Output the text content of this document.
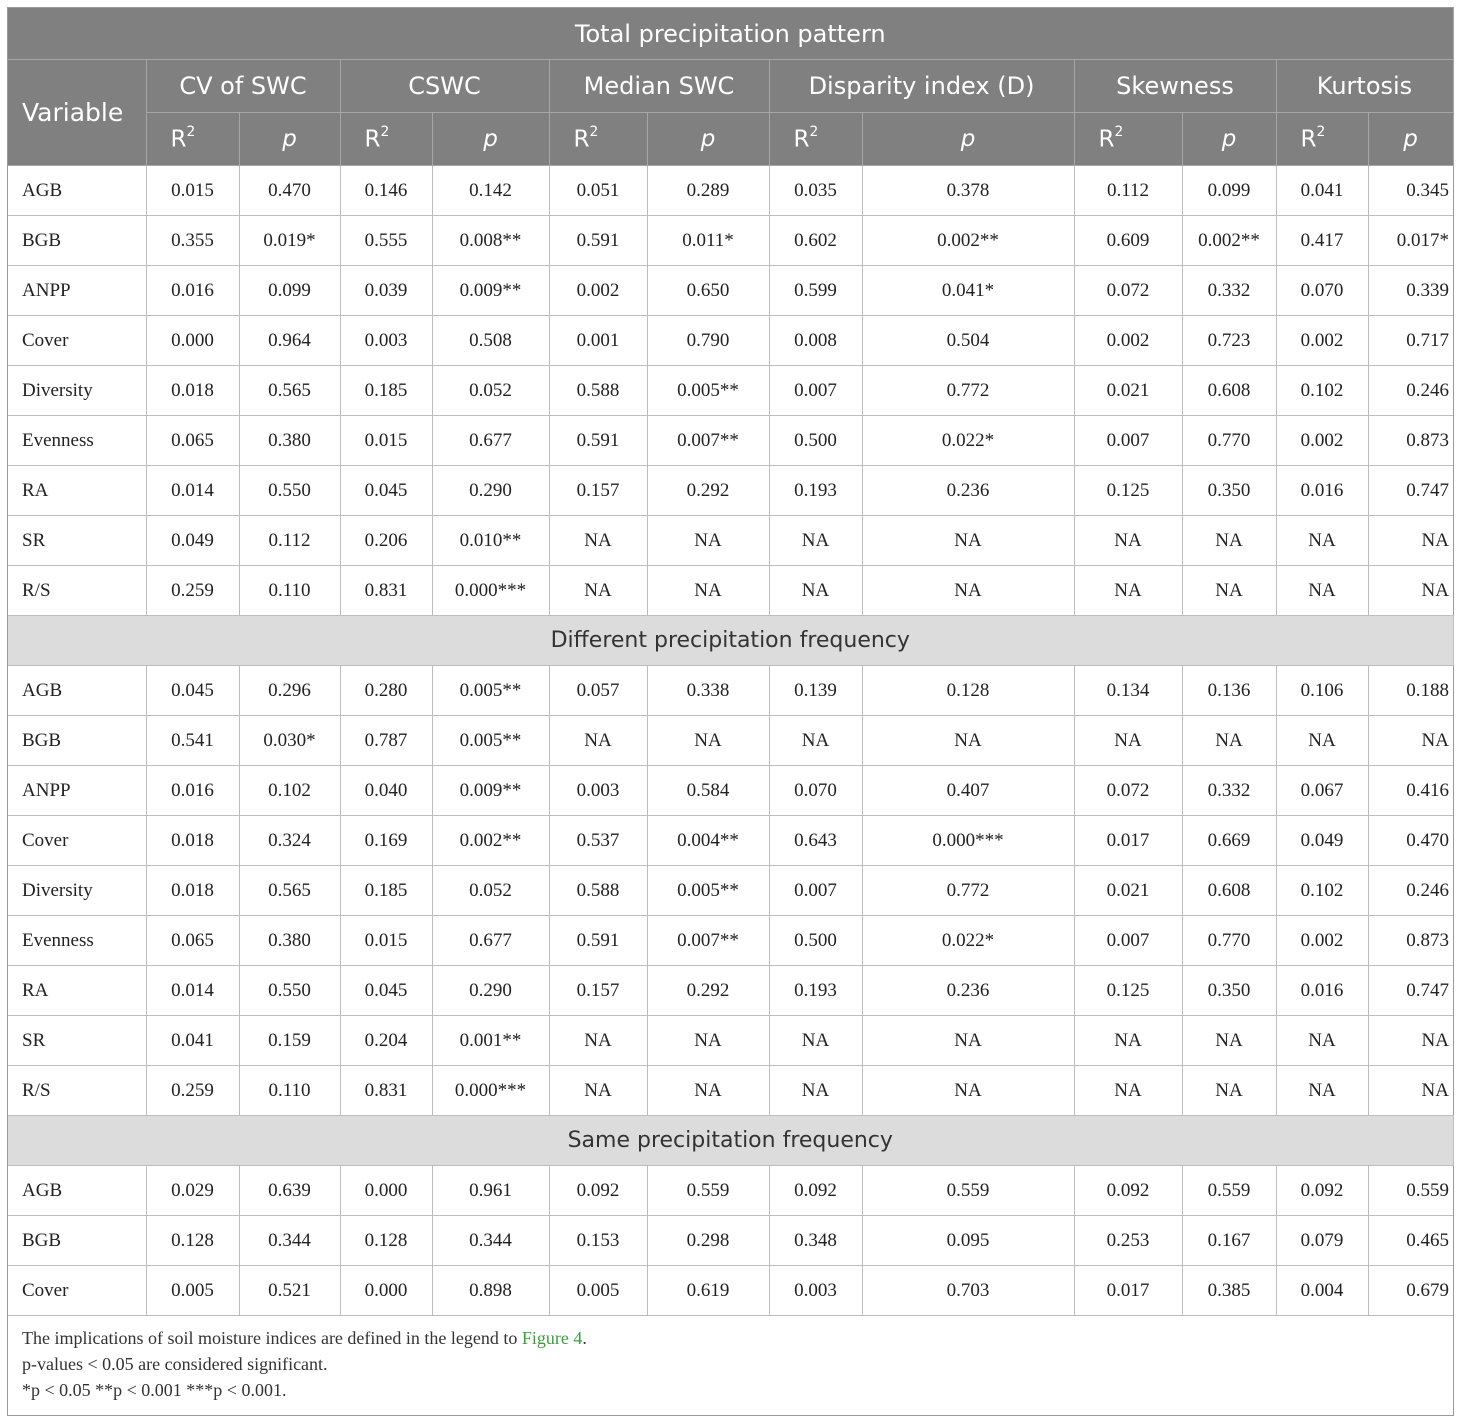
Total precipitation pattern												
Variable	CV of SWC		CSWC		Median SWC		Disparity index (D)		Skewness		Kurtosis	
	$R^2$	p	$R^2$	p	$R^2$	p	$R^2$	p	$R^2$	p	$R^2$	p
AGB	0.015	0.470	0.146	0.142	0.051	0.289	0.035	0.378	0.112	0.099	0.041	0.345
BGB	0.355	0.019*	0.555	0.008**	0.591	0.011*	0.602	0.002**	0.609	0.002**	0.417	0.017*
ANPP	0.016	0.099	0.039	0.009**	0.002	0.650	0.599	0.041*	0.072	0.332	0.070	0.339
Cover	0.000	0.964	0.003	0.508	0.001	0.790	0.008	0.504	0.002	0.723	0.002	0.717
Diversity	0.018	0.565	0.185	0.052	0.588	0.005**	0.007	0.772	0.021	0.608	0.102	0.246
Evenness	0.065	0.380	0.015	0.677	0.591	0.007**	0.500	0.022*	0.007	0.770	0.002	0.873
RA	0.014	0.550	0.045	0.290	0.157	0.292	0.193	0.236	0.125	0.350	0.016	0.747
SR	0.049	0.112	0.206	0.010**	NA	NA	NA	NA	NA	NA	NA	NA
R/S	0.259	0.110	0.831	0.000***	NA	NA	NA	NA	NA	NA	NA	NA
Different precipitation frequency												
AGB	0.045	0.296	0.280	0.005**	0.057	0.338	0.139	0.128	0.134	0.136	0.106	0.188
BGB	0.541	0.030*	0.787	0.005**	NA	NA	NA	NA	NA	NA	NA	NA
ANPP	0.016	0.102	0.040	0.009**	0.003	0.584	0.070	0.407	0.072	0.332	0.067	0.416
Cover	0.018	0.324	0.169	0.002**	0.537	0.004**	0.643	0.000***	0.017	0.669	0.049	0.470
Diversity	0.018	0.565	0.185	0.052	0.588	0.005**	0.007	0.772	0.021	0.608	0.102	0.246
Evenness	0.065	0.380	0.015	0.677	0.591	0.007**	0.500	0.022*	0.007	0.770	0.002	0.873
RA	0.014	0.550	0.045	0.290	0.157	0.292	0.193	0.236	0.125	0.350	0.016	0.747
SR	0.041	0.159	0.204	0.001**	NA	NA	NA	NA	NA	NA	NA	NA
R/S	0.259	0.110	0.831	0.000***	NA	NA	NA	NA	NA	NA	NA	NA
Same precipitation frequency												
AGB	0.029	0.639	0.000	0.961	0.092	0.559	0.092	0.559	0.092	0.559	0.092	0.559
BGB	0.128	0.344	0.128	0.344	0.153	0.298	0.348	0.095	0.253	0.167	0.079	0.465
Cover	0.005	0.521	0.000	0.898	0.005	0.619	0.003	0.703	0.017	0.385	0.004	0.679
The implications of soil moisture indices are defined in the legend to Figure 4.
p-values < 0.05 are considered significant.
*p < 0.05 **p < 0.001 ***p < 0.001.
